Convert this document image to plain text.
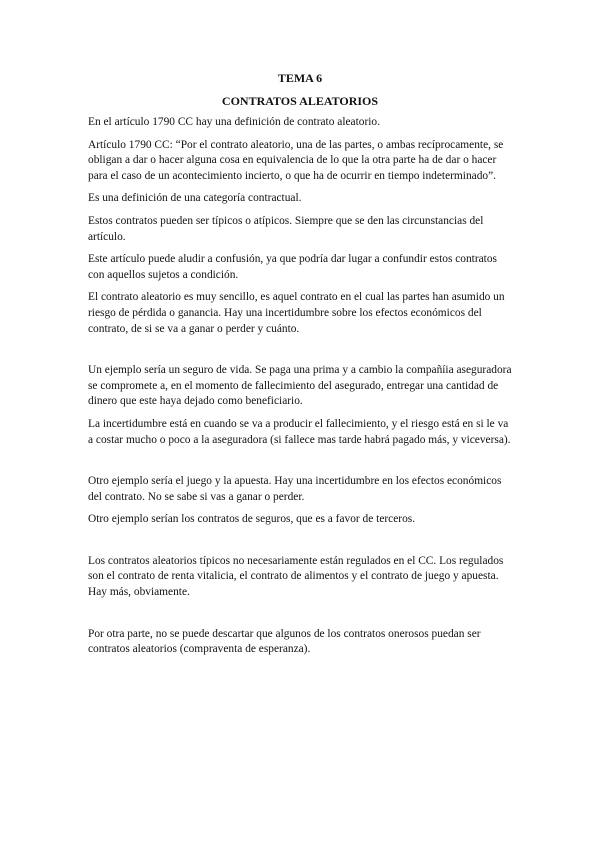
TEMA 6
CONTRATOS ALEATORIOS

En el artículo 1790 CC hay una definición de contrato aleatorio.

Artículo 1790 CC: “Por el contrato aleatorio, una de las partes, o ambas recíprocamente, se obligan a dar o hacer alguna cosa en equivalencia de lo que la otra parte ha de dar o hacer para el caso de un acontecimiento incierto, o que ha de ocurrir en tiempo indeterminado”.

Es una definición de una categoría contractual.

Estos contratos pueden ser típicos o atípicos. Siempre que se den las circunstancias del artículo.

Este artículo puede aludir a confusión, ya que podría dar lugar a confundir estos contratos con aquellos sujetos a condición.

El contrato aleatorio es muy sencillo, es aquel contrato en el cual las partes han asumido un riesgo de pérdida o ganancia. Hay una incertidumbre sobre los efectos económicos del contrato, de si se va a ganar o perder y cuánto.

Un ejemplo sería un seguro de vida. Se paga una prima y a cambio la compañíia aseguradora se compromete a, en el momento de fallecimiento del asegurado, entregar una cantidad de dinero que este haya dejado como beneficiario.

La incertidumbre está en cuando se va a producir el fallecimiento, y el riesgo está en si le va a costar mucho o poco a la aseguradora (si fallece mas tarde habrá pagado más, y viceversa).

Otro ejemplo sería el juego y la apuesta. Hay una incertidumbre en los efectos económicos del contrato. No se sabe si vas a ganar o perder.

Otro ejemplo serían los contratos de seguros, que es a favor de terceros.

Los contratos aleatorios típicos no necesariamente están regulados en el CC. Los regulados son el contrato de renta vitalicia, el contrato de alimentos y el contrato de juego y apuesta. Hay más, obviamente.

Por otra parte, no se puede descartar que algunos de los contratos onerosos puedan ser contratos aleatorios (compraventa de esperanza).
